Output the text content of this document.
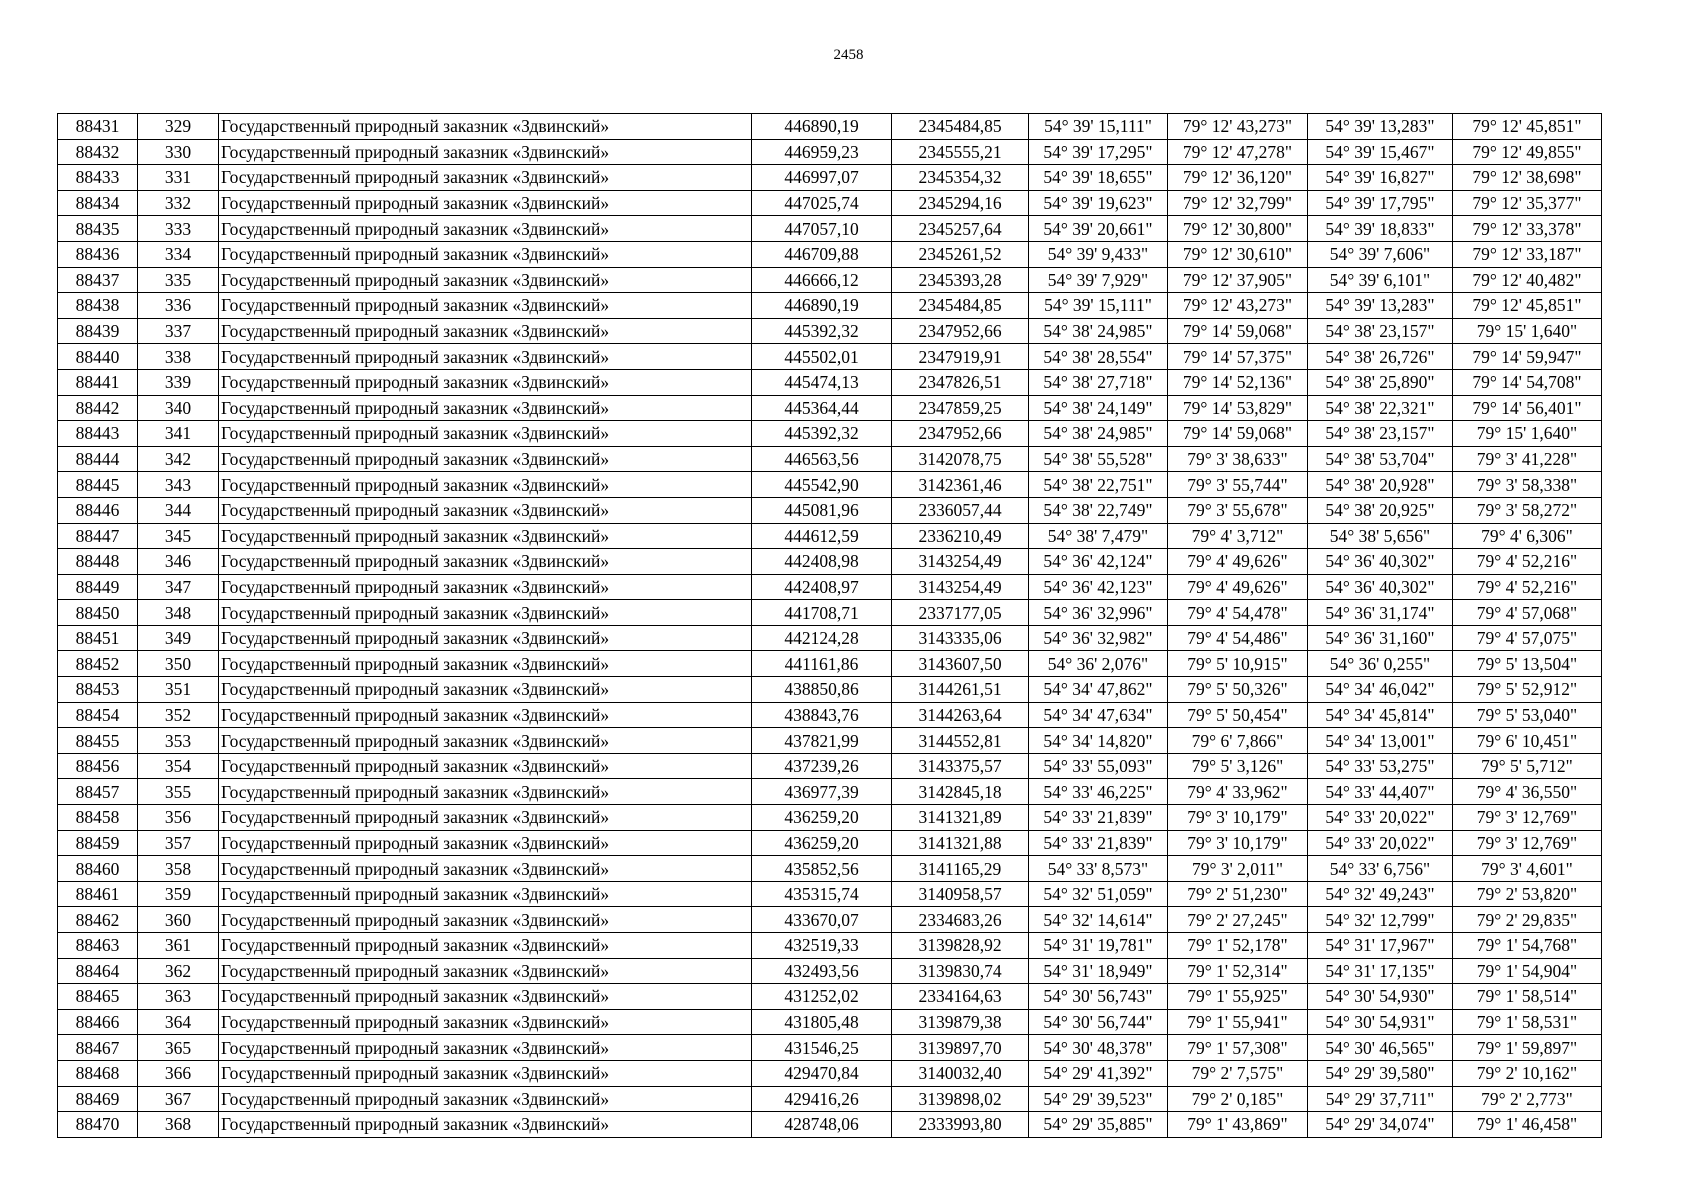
2458
88431	329	Государственный природный заказник «Здвинский»	446890,19	2345484,85	54° 39' 15,111"	79° 12' 43,273"	54° 39' 13,283"	79° 12' 45,851"
88432	330	Государственный природный заказник «Здвинский»	446959,23	2345555,21	54° 39' 17,295"	79° 12' 47,278"	54° 39' 15,467"	79° 12' 49,855"
88433	331	Государственный природный заказник «Здвинский»	446997,07	2345354,32	54° 39' 18,655"	79° 12' 36,120"	54° 39' 16,827"	79° 12' 38,698"
88434	332	Государственный природный заказник «Здвинский»	447025,74	2345294,16	54° 39' 19,623"	79° 12' 32,799"	54° 39' 17,795"	79° 12' 35,377"
88435	333	Государственный природный заказник «Здвинский»	447057,10	2345257,64	54° 39' 20,661"	79° 12' 30,800"	54° 39' 18,833"	79° 12' 33,378"
88436	334	Государственный природный заказник «Здвинский»	446709,88	2345261,52	54° 39' 9,433"	79° 12' 30,610"	54° 39' 7,606"	79° 12' 33,187"
88437	335	Государственный природный заказник «Здвинский»	446666,12	2345393,28	54° 39' 7,929"	79° 12' 37,905"	54° 39' 6,101"	79° 12' 40,482"
88438	336	Государственный природный заказник «Здвинский»	446890,19	2345484,85	54° 39' 15,111"	79° 12' 43,273"	54° 39' 13,283"	79° 12' 45,851"
88439	337	Государственный природный заказник «Здвинский»	445392,32	2347952,66	54° 38' 24,985"	79° 14' 59,068"	54° 38' 23,157"	79° 15' 1,640"
88440	338	Государственный природный заказник «Здвинский»	445502,01	2347919,91	54° 38' 28,554"	79° 14' 57,375"	54° 38' 26,726"	79° 14' 59,947"
88441	339	Государственный природный заказник «Здвинский»	445474,13	2347826,51	54° 38' 27,718"	79° 14' 52,136"	54° 38' 25,890"	79° 14' 54,708"
88442	340	Государственный природный заказник «Здвинский»	445364,44	2347859,25	54° 38' 24,149"	79° 14' 53,829"	54° 38' 22,321"	79° 14' 56,401"
88443	341	Государственный природный заказник «Здвинский»	445392,32	2347952,66	54° 38' 24,985"	79° 14' 59,068"	54° 38' 23,157"	79° 15' 1,640"
88444	342	Государственный природный заказник «Здвинский»	446563,56	3142078,75	54° 38' 55,528"	79° 3' 38,633"	54° 38' 53,704"	79° 3' 41,228"
88445	343	Государственный природный заказник «Здвинский»	445542,90	3142361,46	54° 38' 22,751"	79° 3' 55,744"	54° 38' 20,928"	79° 3' 58,338"
88446	344	Государственный природный заказник «Здвинский»	445081,96	2336057,44	54° 38' 22,749"	79° 3' 55,678"	54° 38' 20,925"	79° 3' 58,272"
88447	345	Государственный природный заказник «Здвинский»	444612,59	2336210,49	54° 38' 7,479"	79° 4' 3,712"	54° 38' 5,656"	79° 4' 6,306"
88448	346	Государственный природный заказник «Здвинский»	442408,98	3143254,49	54° 36' 42,124"	79° 4' 49,626"	54° 36' 40,302"	79° 4' 52,216"
88449	347	Государственный природный заказник «Здвинский»	442408,97	3143254,49	54° 36' 42,123"	79° 4' 49,626"	54° 36' 40,302"	79° 4' 52,216"
88450	348	Государственный природный заказник «Здвинский»	441708,71	2337177,05	54° 36' 32,996"	79° 4' 54,478"	54° 36' 31,174"	79° 4' 57,068"
88451	349	Государственный природный заказник «Здвинский»	442124,28	3143335,06	54° 36' 32,982"	79° 4' 54,486"	54° 36' 31,160"	79° 4' 57,075"
88452	350	Государственный природный заказник «Здвинский»	441161,86	3143607,50	54° 36' 2,076"	79° 5' 10,915"	54° 36' 0,255"	79° 5' 13,504"
88453	351	Государственный природный заказник «Здвинский»	438850,86	3144261,51	54° 34' 47,862"	79° 5' 50,326"	54° 34' 46,042"	79° 5' 52,912"
88454	352	Государственный природный заказник «Здвинский»	438843,76	3144263,64	54° 34' 47,634"	79° 5' 50,454"	54° 34' 45,814"	79° 5' 53,040"
88455	353	Государственный природный заказник «Здвинский»	437821,99	3144552,81	54° 34' 14,820"	79° 6' 7,866"	54° 34' 13,001"	79° 6' 10,451"
88456	354	Государственный природный заказник «Здвинский»	437239,26	3143375,57	54° 33' 55,093"	79° 5' 3,126"	54° 33' 53,275"	79° 5' 5,712"
88457	355	Государственный природный заказник «Здвинский»	436977,39	3142845,18	54° 33' 46,225"	79° 4' 33,962"	54° 33' 44,407"	79° 4' 36,550"
88458	356	Государственный природный заказник «Здвинский»	436259,20	3141321,89	54° 33' 21,839"	79° 3' 10,179"	54° 33' 20,022"	79° 3' 12,769"
88459	357	Государственный природный заказник «Здвинский»	436259,20	3141321,88	54° 33' 21,839"	79° 3' 10,179"	54° 33' 20,022"	79° 3' 12,769"
88460	358	Государственный природный заказник «Здвинский»	435852,56	3141165,29	54° 33' 8,573"	79° 3' 2,011"	54° 33' 6,756"	79° 3' 4,601"
88461	359	Государственный природный заказник «Здвинский»	435315,74	3140958,57	54° 32' 51,059"	79° 2' 51,230"	54° 32' 49,243"	79° 2' 53,820"
88462	360	Государственный природный заказник «Здвинский»	433670,07	2334683,26	54° 32' 14,614"	79° 2' 27,245"	54° 32' 12,799"	79° 2' 29,835"
88463	361	Государственный природный заказник «Здвинский»	432519,33	3139828,92	54° 31' 19,781"	79° 1' 52,178"	54° 31' 17,967"	79° 1' 54,768"
88464	362	Государственный природный заказник «Здвинский»	432493,56	3139830,74	54° 31' 18,949"	79° 1' 52,314"	54° 31' 17,135"	79° 1' 54,904"
88465	363	Государственный природный заказник «Здвинский»	431252,02	2334164,63	54° 30' 56,743"	79° 1' 55,925"	54° 30' 54,930"	79° 1' 58,514"
88466	364	Государственный природный заказник «Здвинский»	431805,48	3139879,38	54° 30' 56,744"	79° 1' 55,941"	54° 30' 54,931"	79° 1' 58,531"
88467	365	Государственный природный заказник «Здвинский»	431546,25	3139897,70	54° 30' 48,378"	79° 1' 57,308"	54° 30' 46,565"	79° 1' 59,897"
88468	366	Государственный природный заказник «Здвинский»	429470,84	3140032,40	54° 29' 41,392"	79° 2' 7,575"	54° 29' 39,580"	79° 2' 10,162"
88469	367	Государственный природный заказник «Здвинский»	429416,26	3139898,02	54° 29' 39,523"	79° 2' 0,185"	54° 29' 37,711"	79° 2' 2,773"
88470	368	Государственный природный заказник «Здвинский»	428748,06	2333993,80	54° 29' 35,885"	79° 1' 43,869"	54° 29' 34,074"	79° 1' 46,458"
